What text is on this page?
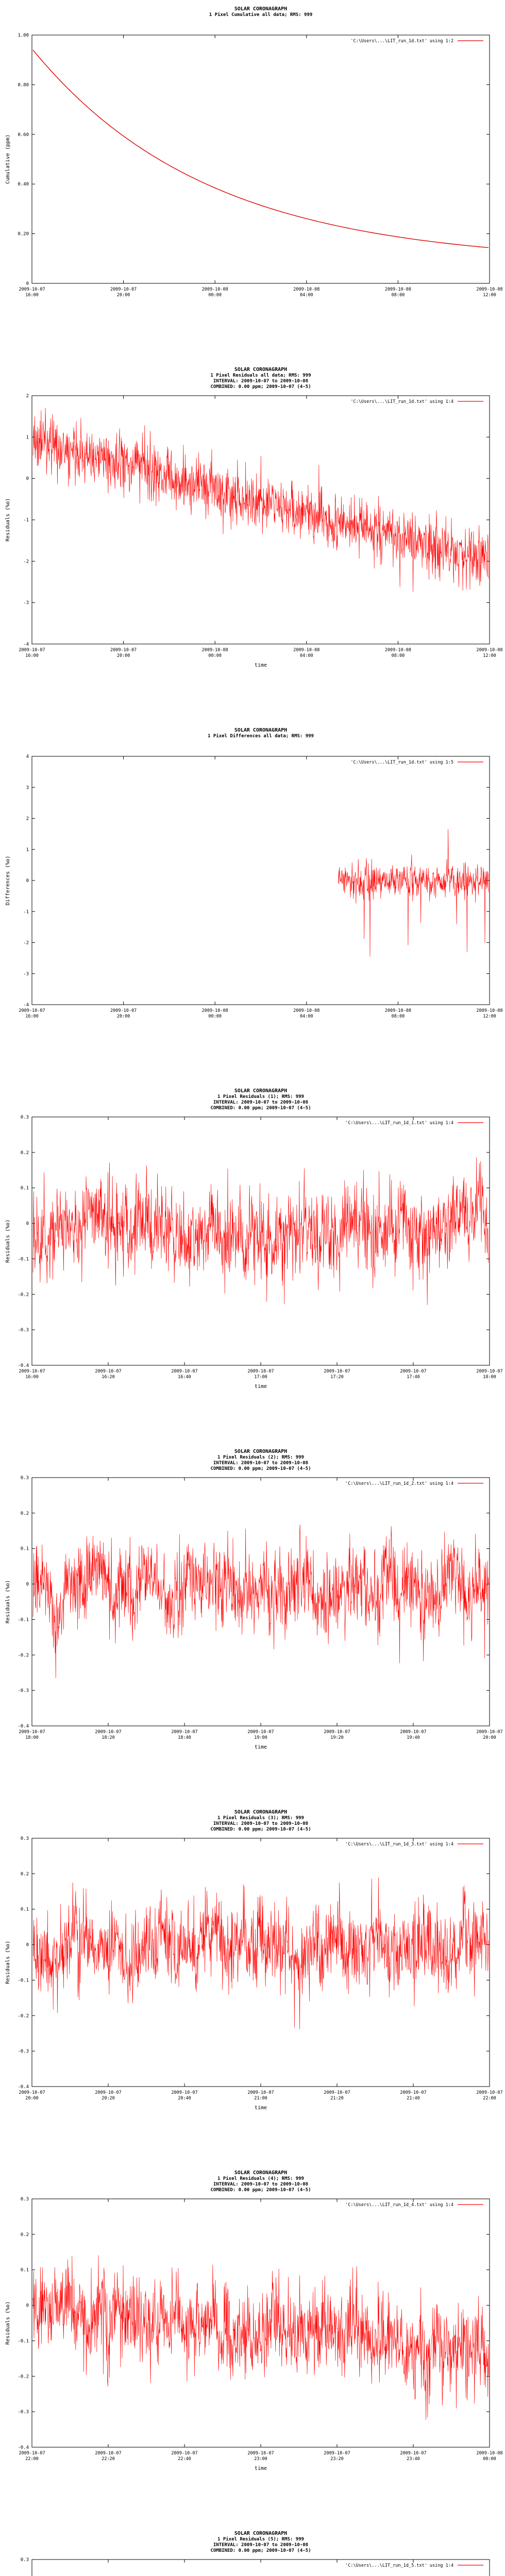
SOLAR CORONAGRAPH
1 Pixel Cumulative all data; RMS: 999
0
0.20
0.40
0.60
0.80
1.00
2009-10-07
16:00
2009-10-07
20:00
2009-10-08
00:00
2009-10-08
04:00
2009-10-08
08:00
2009-10-08
12:00
Cumulative (ppm)
'C:\Users\...\LIT_run_1d.txt' using 1:2
SOLAR CORONAGRAPH
1 Pixel Residuals all data; RMS: 999
INTERVAL: 2009-10-07 to 2009-10-08
COMBINED: 0.00 ppm; 2009-10-07 (4-5)
-4
-3
-2
-1
0
1
2
2009-10-07
16:00
2009-10-07
20:00
2009-10-08
00:00
2009-10-08
04:00
2009-10-08
08:00
2009-10-08
12:00
Residuals (%o)
time
'C:\Users\...\LIT_run_1d.txt' using 1:4
SOLAR CORONAGRAPH
1 Pixel Differences all data; RMS: 999
-4
-3
-2
-1
0
1
2
3
4
2009-10-07
16:00
2009-10-07
20:00
2009-10-08
00:00
2009-10-08
04:00
2009-10-08
08:00
2009-10-08
12:00
Differences (%o)
'C:\Users\...\LIT_run_1d.txt' using 1:5
SOLAR CORONAGRAPH
1 Pixel Residuals (1); RMS: 999
INTERVAL: 2009-10-07 to 2009-10-08
COMBINED: 0.00 ppm; 2009-10-07 (4-5)
-0.4
-0.3
-0.2
-0.1
0
0.1
0.2
0.3
2009-10-07
16:00
2009-10-07
16:20
2009-10-07
16:40
2009-10-07
17:00
2009-10-07
17:20
2009-10-07
17:40
2009-10-07
18:00
Residuals (%o)
time
'C:\Users\...\LIT_run_1d_1.txt' using 1:4
SOLAR CORONAGRAPH
1 Pixel Residuals (2); RMS: 999
INTERVAL: 2009-10-07 to 2009-10-08
COMBINED: 0.00 ppm; 2009-10-07 (4-5)
-0.4
-0.3
-0.2
-0.1
0
0.1
0.2
0.3
2009-10-07
18:00
2009-10-07
18:20
2009-10-07
18:40
2009-10-07
19:00
2009-10-07
19:20
2009-10-07
19:40
2009-10-07
20:00
Residuals (%o)
time
'C:\Users\...\LIT_run_1d_2.txt' using 1:4
SOLAR CORONAGRAPH
1 Pixel Residuals (3); RMS: 999
INTERVAL: 2009-10-07 to 2009-10-08
COMBINED: 0.00 ppm; 2009-10-07 (4-5)
-0.4
-0.3
-0.2
-0.1
0
0.1
0.2
0.3
2009-10-07
20:00
2009-10-07
20:20
2009-10-07
20:40
2009-10-07
21:00
2009-10-07
21:20
2009-10-07
21:40
2009-10-07
22:00
Residuals (%o)
time
'C:\Users\...\LIT_run_1d_3.txt' using 1:4
SOLAR CORONAGRAPH
1 Pixel Residuals (4); RMS: 999
INTERVAL: 2009-10-07 to 2009-10-08
COMBINED: 0.00 ppm; 2009-10-07 (4-5)
-0.4
-0.3
-0.2
-0.1
0
0.1
0.2
0.3
2009-10-07
22:00
2009-10-07
22:20
2009-10-07
22:40
2009-10-07
23:00
2009-10-07
23:20
2009-10-07
23:40
2009-10-08
00:00
Residuals (%o)
time
'C:\Users\...\LIT_run_1d_4.txt' using 1:4
SOLAR CORONAGRAPH
1 Pixel Residuals (5); RMS: 999
INTERVAL: 2009-10-07 to 2009-10-08
COMBINED: 0.00 ppm; 2009-10-07 (4-5)
0.3
'C:\Users\...\LIT_run_1d_5.txt' using 1:4
